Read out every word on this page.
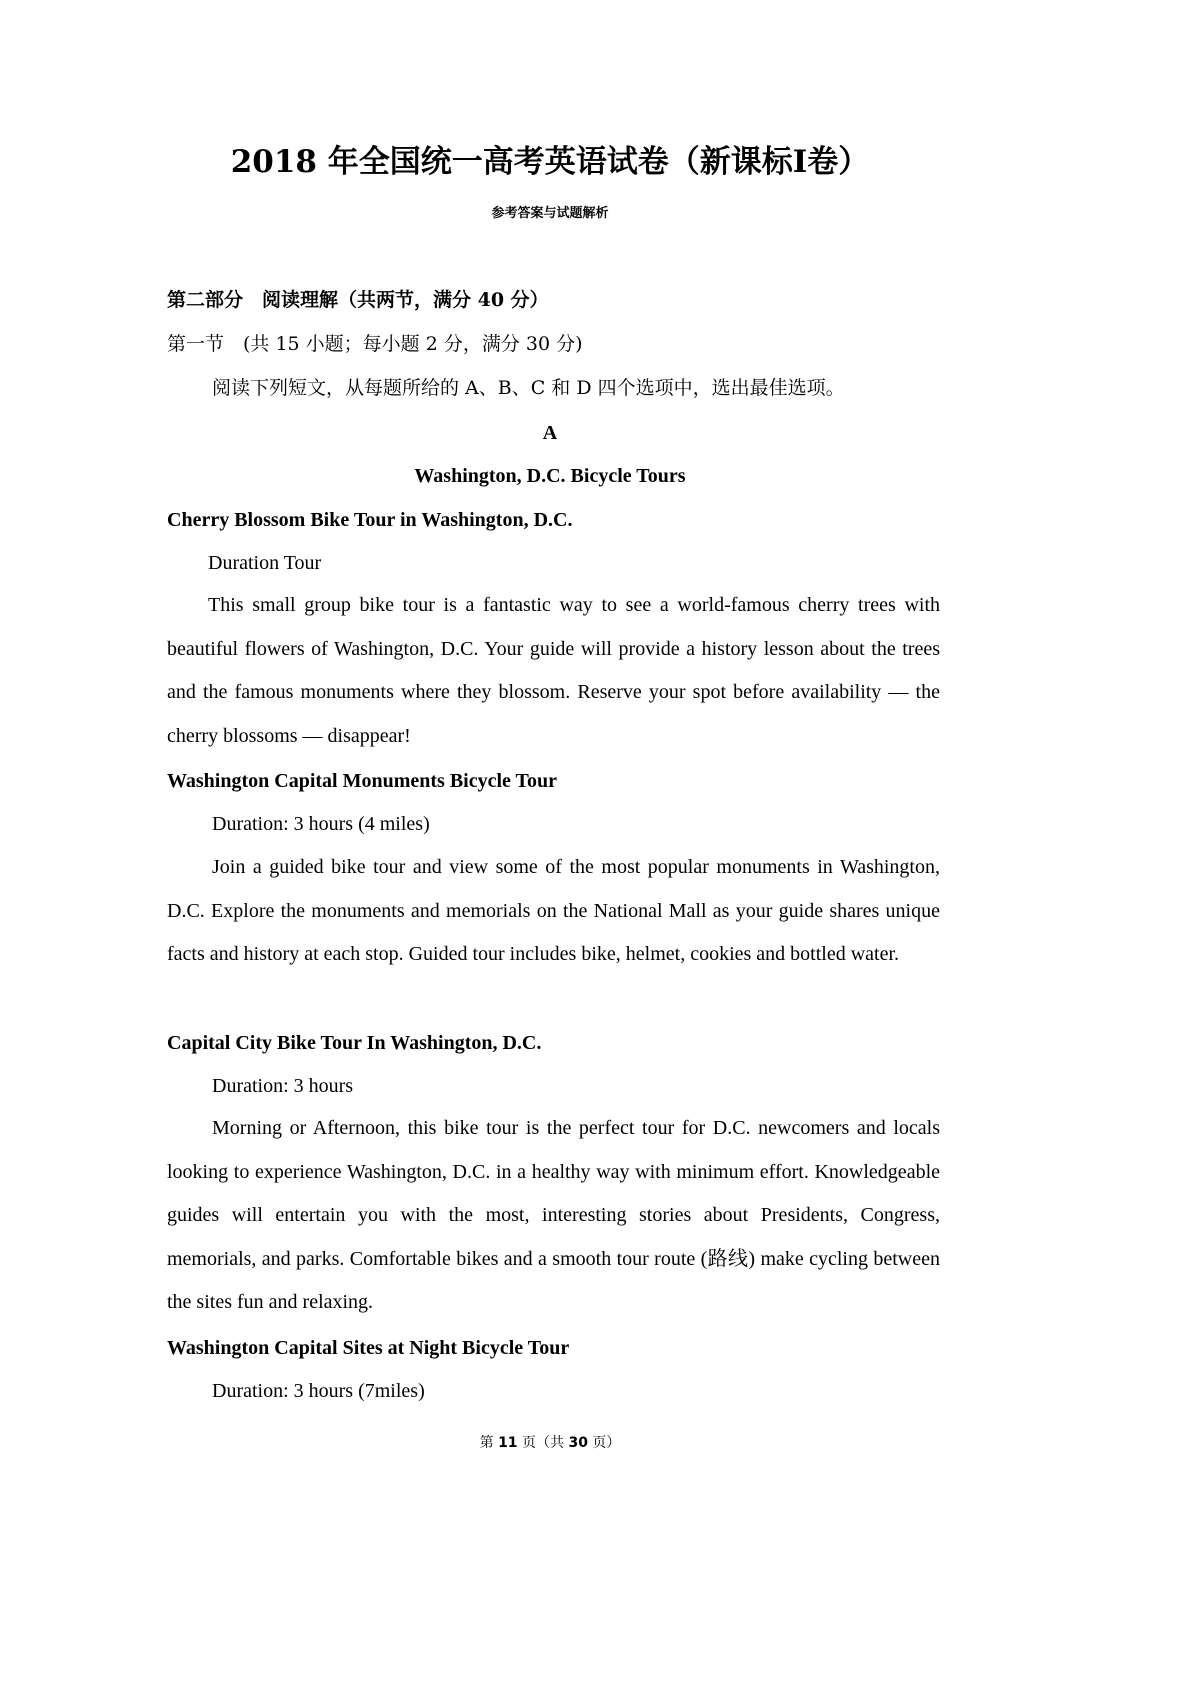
2018 年全国统一高考英语试卷（新课标Ⅰ卷）
参考答案与试题解析
第二部分　阅读理解（共两节，满分 40 分）
第一节　(共 15 小题；每小题 2 分，满分 30 分)
阅读下列短文，从每题所给的 A、B、C 和 D 四个选项中，选出最佳选项。
A
Washington, D.C. Bicycle Tours
Cherry Blossom Bike Tour in Washington, D.C.
Duration Tour
This small group bike tour is a fantastic way to see a world-famous cherry trees with beautiful flowers of Washington, D.C. Your guide will provide a history lesson about the trees and the famous monuments where they blossom. Reserve your spot before availability — the cherry blossoms — disappear!
Washington Capital Monuments Bicycle Tour
Duration: 3 hours (4 miles)
Join a guided bike tour and view some of the most popular monuments in Washington, D.C. Explore the monuments and memorials on the National Mall as your guide shares unique facts and history at each stop. Guided tour includes bike, helmet, cookies and bottled water.
Capital City Bike Tour In Washington, D.C.
Duration: 3 hours
Morning or Afternoon, this bike tour is the perfect tour for D.C. newcomers and locals looking to experience Washington, D.C. in a healthy way with minimum effort. Knowledgeable guides will entertain you with the most, interesting stories about Presidents, Congress, memorials, and parks. Comfortable bikes and a smooth tour route (路线) make cycling between the sites fun and relaxing.
Washington Capital Sites at Night Bicycle Tour
Duration: 3 hours (7miles)
第 11 页（共 30 页）
